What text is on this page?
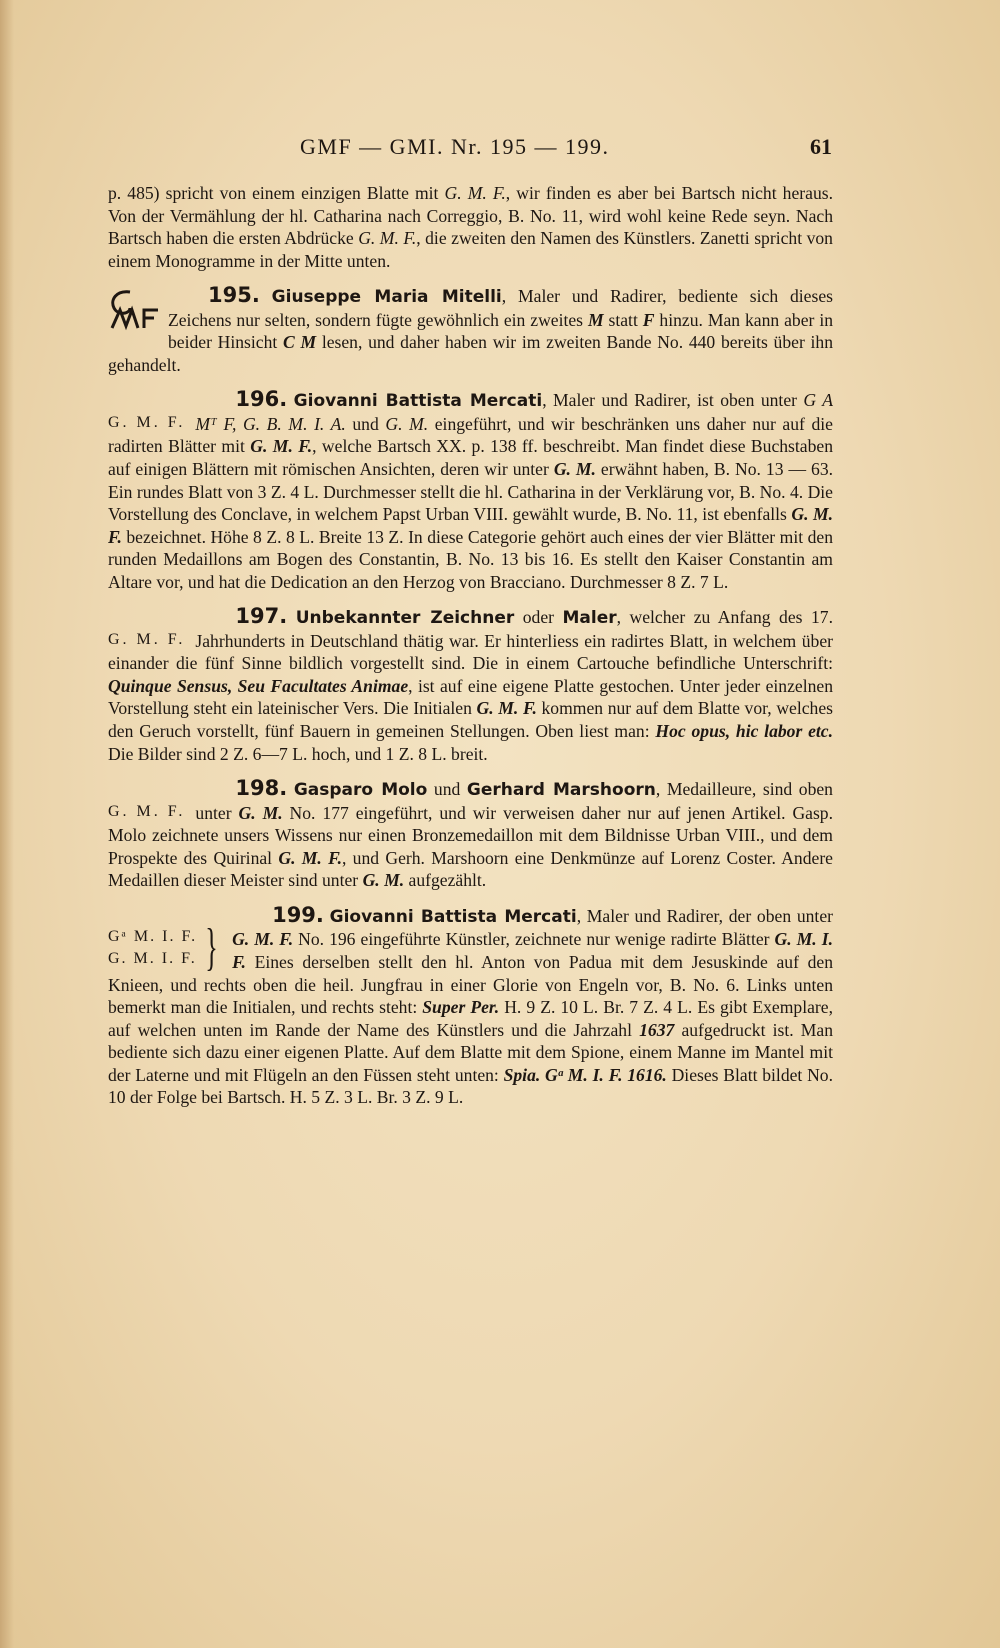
GMF — GMI. Nr. 195 — 199.	61

p. 485) spricht von einem einzigen Blatte mit G. M. F., wir finden es aber bei Bartsch nicht heraus. Von der Vermählung der hl. Catharina nach Correggio, B. No. 11, wird wohl keine Rede seyn. Nach Bartsch haben die ersten Abdrücke G. M. F., die zweiten den Namen des Künstlers. Zanetti spricht von einem Monogramme in der Mitte unten.

195. Giuseppe Maria Mitelli, Maler und Radirer, bediente sich dieses Zeichens nur selten, sondern fügte gewöhnlich ein zweites M statt F hinzu. Man kann aber in beider Hinsicht C M lesen, und daher haben wir im zweiten Bande No. 440 bereits über ihn gehandelt.

G. M. F.

196. Giovanni Battista Mercati, Maler und Radirer, ist oben unter G A Mᵀ F, G. B. M. I. A. und G. M. eingeführt, und wir beschränken uns daher nur auf die radirten Blätter mit G. M. F., welche Bartsch XX. p. 138 ff. beschreibt. Man findet diese Buchstaben auf einigen Blättern mit römischen Ansichten, deren wir unter G. M. erwähnt haben, B. No. 13 — 63. Ein rundes Blatt von 3 Z. 4 L. Durchmesser stellt die hl. Catharina in der Verklärung vor, B. No. 4. Die Vorstellung des Conclave, in welchem Papst Urban VIII. gewählt wurde, B. No. 11, ist ebenfalls G. M. F. bezeichnet. Höhe 8 Z. 8 L. Breite 13 Z. In diese Categorie gehört auch eines der vier Blätter mit den runden Medaillons am Bogen des Constantin, B. No. 13 bis 16. Es stellt den Kaiser Constantin am Altare vor, und hat die Dedication an den Herzog von Bracciano. Durchmesser 8 Z. 7 L.

G. M. F.

197. Unbekannter Zeichner oder Maler, welcher zu Anfang des 17. Jahrhunderts in Deutschland thätig war. Er hinterliess ein radirtes Blatt, in welchem über einander die fünf Sinne bildlich vorgestellt sind. Die in einem Cartouche befindliche Unterschrift: Quinque Sensus, Seu Facultates Animae, ist auf eine eigene Platte gestochen. Unter jeder einzelnen Vorstellung steht ein lateinischer Vers. Die Initialen G. M. F. kommen nur auf dem Blatte vor, welches den Geruch vorstellt, fünf Bauern in gemeinen Stellungen. Oben liest man: Hoc opus, hic labor etc. Die Bilder sind 2 Z. 6—7 L. hoch, und 1 Z. 8 L. breit.

G. M. F.

198. Gasparo Molo und Gerhard Marshoorn, Medailleure, sind oben unter G. M. No. 177 eingeführt, und wir verweisen daher nur auf jenen Artikel. Gasp. Molo zeichnete unsers Wissens nur einen Bronzemedaillon mit dem Bildnisse Urban VIII., und dem Prospekte des Quirinal G. M. F., und Gerh. Marshoorn eine Denkmünze auf Lorenz Coster. Andere Medaillen dieser Meister sind unter G. M. aufgezählt.

Gᵃ M. I. F.
G. M. I. F. }

199. Giovanni Battista Mercati, Maler und Radirer, der oben unter G. M. F. No. 196 eingeführte Künstler, zeichnete nur wenige radirte Blätter G. M. I. F. Eines derselben stellt den hl. Anton von Padua mit dem Jesuskinde auf den Knieen, und rechts oben die heil. Jungfrau in einer Glorie von Engeln vor, B. No. 6. Links unten bemerkt man die Initialen, und rechts steht: Super Per. H. 9 Z. 10 L. Br. 7 Z. 4 L. Es gibt Exemplare, auf welchen unten im Rande der Name des Künstlers und die Jahrzahl 1637 aufgedruckt ist. Man bediente sich dazu einer eigenen Platte. Auf dem Blatte mit dem Spione, einem Manne im Mantel mit der Laterne und mit Flügeln an den Füssen steht unten: Spia. Gᵃ M. I. F. 1616. Dieses Blatt bildet No. 10 der Folge bei Bartsch. H. 5 Z. 3 L. Br. 3 Z. 9 L.
